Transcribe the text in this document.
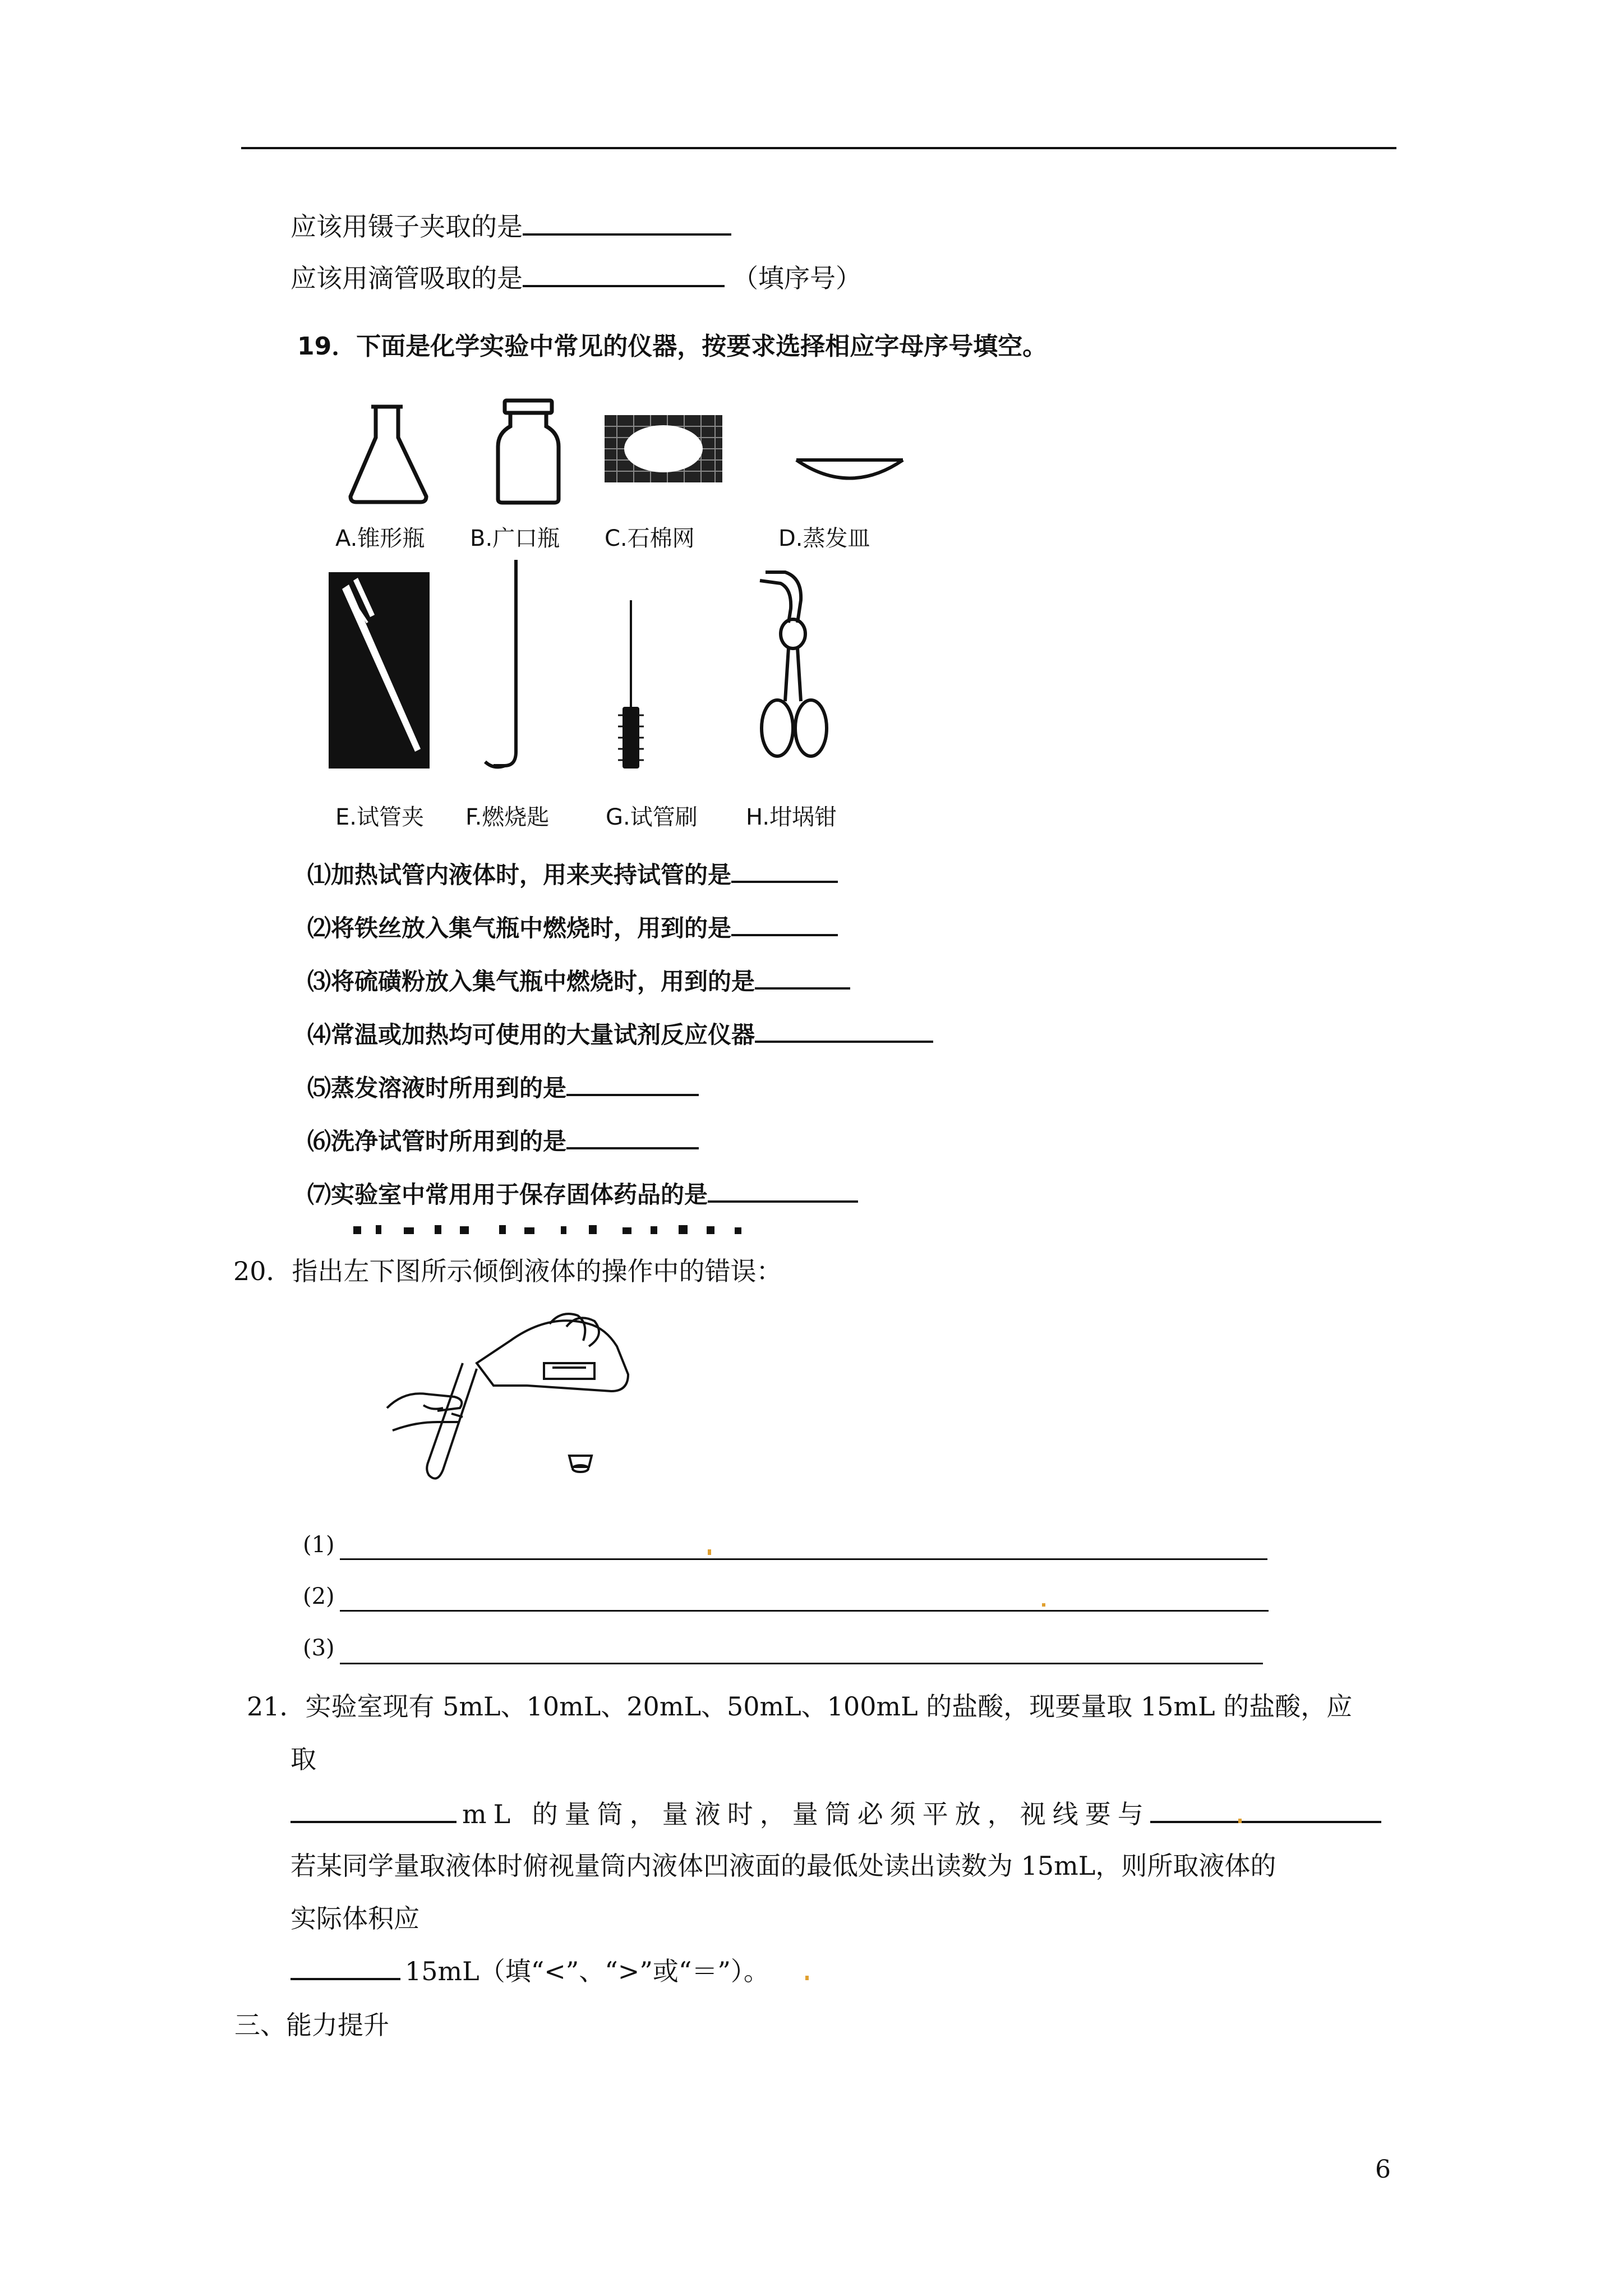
应该用镊子夹取的是
应该用滴管吸取的是	（填序号）
19．下面是化学实验中常见的仪器，按要求选择相应字母序号填空。
A.锥形瓶 B.广口瓶 C.石棉网	D.蒸发皿
E.试管夹 F.燃烧匙	G.试管刷 H.坩埚钳
⑴加热试管内液体时，用来夹持试管的是
⑵将铁丝放入集气瓶中燃烧时，用到的是
⑶将硫磺粉放入集气瓶中燃烧时，用到的是
⑷常温或加热均可使用的大量试剂反应仪器
⑸蒸发溶液时所用到的是
⑹洗净试管时所用到的是
⑺实验室中常用用于保存固体药品的是
20．指出左下图所示倾倒液体的操作中的错误：
(1)
(2)
(3)
21．实验室现有 5mL、10mL、20mL、50mL、100mL 的盐酸，现要量取 15mL 的盐酸，应
取
mL 的量筒，量液时，量筒必须平放，视线要与
若某同学量取液体时俯视量筒内液体凹液面的最低处读出读数为 15mL，则所取液体的
实际体积应
15mL（填“<”、“>”或“＝”）。
三、能力提升
6
